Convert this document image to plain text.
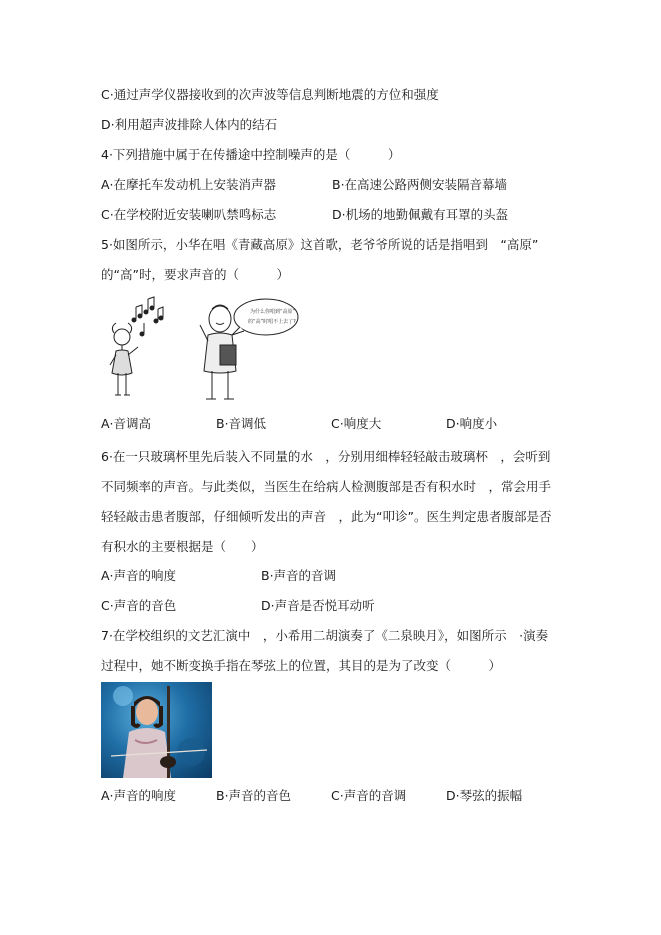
C·通过声学仪器接收到的次声波等信息判断地震的方位和强度
D·利用超声波排除人体内的结石
4·下列措施中属于在传播途中控制噪声的是（　　　）
A·在摩托车发动机上安装消声器	B·在高速公路两侧安装隔音幕墙
C·在学校附近安装喇叭禁鸣标志	D·机场的地勤佩戴有耳罩的头盔
5·如图所示，小华在唱《青藏高原》这首歌，老爷爷所说的话是指唱到　“高原”
的“高”时，要求声音的（　　　）
为什么你唱到“高原”
的“高”时唱不上去了?
A·音调高	B·音调低	C·响度大	D·响度小
6·在一只玻璃杯里先后装入不同量的水　，分别用细棒轻轻敲击玻璃杯　，会听到
不同频率的声音。与此类似，当医生在给病人检测腹部是否有积水时　，常会用手
轻轻敲击患者腹部，仔细倾听发出的声音　，此为“叩诊”。医生判定患者腹部是否
有积水的主要根据是（　　）
A·声音的响度	B·声音的音调
C·声音的音色	D·声音是否悦耳动听
7·在学校组织的文艺汇演中　，小希用二胡演奏了《二泉映月》，如图所示　·演奏
过程中，她不断变换手指在琴弦上的位置，其目的是为了改变（　　　）
A·声音的响度	B·声音的音色	C·声音的音调	D·琴弦的振幅
